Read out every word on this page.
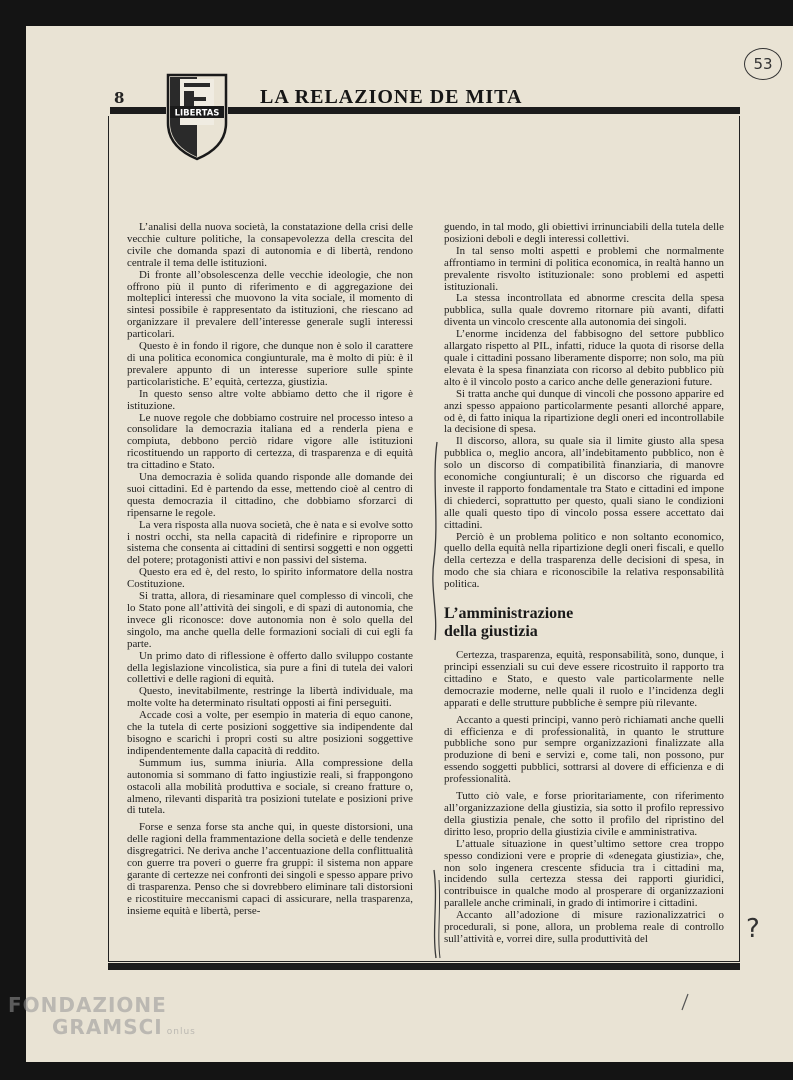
53
8
LIBERTAS
LA RELAZIONE DE MITA

L’analisi della nuova società, la constatazione della crisi delle vecchie culture politiche, la consapevolezza della crescita del civile che domanda spazi di autonomia e di libertà, rendono centrale il tema delle istituzioni.

Di fronte all’obsolescenza delle vecchie ideologie, che non offrono più il punto di riferimento e di aggregazione dei molteplici interessi che muovono la vita sociale, il momento di sintesi possibile è rappresentato da istituzioni, che riescano ad organizzare il prevalere dell’interesse generale sugli interessi particolari.

Questo è in fondo il rigore, che dunque non è solo il carattere di una politica economica congiunturale, ma è molto di più: è il prevalere appunto di un interesse superiore sulle spinte particolaristiche. E’ equità, certezza, giustizia.

In questo senso altre volte abbiamo detto che il rigore è istituzione.

Le nuove regole che dobbiamo costruire nel processo inteso a consolidare la democrazia italiana ed a renderla piena e compiuta, debbono perciò ridare vigore alle istituzioni ricostituendo un rapporto di certezza, di trasparenza e di equità tra cittadino e Stato.

Una democrazia è solida quando risponde alle domande dei suoi cittadini. Ed è partendo da esse, mettendo cioè al centro di questa democrazia il cittadino, che dobbiamo sforzarci di ripensarne le regole.

La vera risposta alla nuova società, che è nata e si evolve sotto i nostri occhi, sta nella capacità di ridefinire e riproporre un sistema che consenta ai cittadini di sentirsi soggetti e non oggetti del potere; protagonisti attivi e non passivi del sistema.

Questo era ed è, del resto, lo spirito informatore della nostra Costituzione.

Si tratta, allora, di riesaminare quel complesso di vincoli, che lo Stato pone all’attività dei singoli, e di spazi di autonomia, che invece gli riconosce: dove autonomia non è solo quella del singolo, ma anche quella delle formazioni sociali di cui egli fa parte.

Un primo dato di riflessione è offerto dallo sviluppo costante della legislazione vincolistica, sia pure a fini di tutela dei valori collettivi e delle ragioni di equità.

Questo, inevitabilmente, restringe la libertà individuale, ma molte volte ha determinato risultati opposti ai fini perseguiti.

Accade così a volte, per esempio in materia di equo canone, che la tutela di certe posizioni soggettive sia indipendente dal bisogno e scarichi i propri costi su altre posizioni soggettive indipendentemente dalla capacità di reddito.

Summum ius, summa iniuria. Alla compressione della autonomia si sommano di fatto ingiustizie reali, si frappongono ostacoli alla mobilità produttiva e sociale, si creano fratture o, almeno, rilevanti disparità tra posizioni tutelate e posizioni prive di tutela.

Forse e senza forse sta anche qui, in queste distorsioni, una delle ragioni della frammentazione della società e delle tendenze disgregatrici. Ne deriva anche l’accentuazione della conflittualità con guerre tra poveri o guerre fra gruppi: il sistema non appare garante di certezze nei confronti dei singoli e spesso appare privo di trasparenza. Penso che si dovrebbero eliminare tali distorsioni e ricostituire meccanismi capaci di assicurare, nella trasparenza, insieme equità e libertà, perse-

guendo, in tal modo, gli obiettivi irrinunciabili della tutela delle posizioni deboli e degli interessi collettivi.

In tal senso molti aspetti e problemi che normalmente affrontiamo in termini di politica economica, in realtà hanno un prevalente risvolto istituzionale: sono problemi ed aspetti istituzionali.

La stessa incontrollata ed abnorme crescita della spesa pubblica, sulla quale dovremo ritornare più avanti, difatti diventa un vincolo crescente alla autonomia dei singoli.

L’enorme incidenza del fabbisogno del settore pubblico allargato rispetto al PIL, infatti, riduce la quota di risorse della quale i cittadini possano liberamente disporre; non solo, ma più elevata è la spesa finanziata con ricorso al debito pubblico più alto è il vincolo posto a carico anche delle generazioni future.

Si tratta anche qui dunque di vincoli che possono apparire ed anzi spesso appaiono particolarmente pesanti allorché appare, od è, di fatto iniqua la ripartizione degli oneri ed incontrollabile la decisione di spesa.

Il discorso, allora, su quale sia il limite giusto alla spesa pubblica o, meglio ancora, all’indebitamento pubblico, non è solo un discorso di compatibilità finanziaria, di manovre economiche congiunturali; è un discorso che riguarda ed investe il rapporto fondamentale tra Stato e cittadini ed impone di chiederci, soprattutto per questo, quali siano le condizioni alle quali questo tipo di vincolo possa essere accettato dai cittadini.

Perciò è un problema politico e non soltanto economico, quello della equità nella ripartizione degli oneri fiscali, e quello della certezza e della trasparenza delle decisioni di spesa, in modo che sia chiara e riconoscibile la relativa responsabilità politica.

L’amministrazione
della giustizia

Certezza, trasparenza, equità, responsabilità, sono, dunque, i principi essenziali su cui deve essere ricostruito il rapporto tra cittadino e Stato, e questo vale particolarmente nelle democrazie moderne, nelle quali il ruolo e l’incidenza degli apparati e delle strutture pubbliche è sempre più rilevante.

Accanto a questi principi, vanno però richiamati anche quelli di efficienza e di professionalità, in quanto le strutture pubbliche sono pur sempre organizzazioni finalizzate alla produzione di beni e servizi e, come tali, non possono, pur essendo soggetti pubblici, sottrarsi al dovere di efficienza e di professionalità.

Tutto ciò vale, e forse prioritariamente, con riferimento all’organizzazione della giustizia, sia sotto il profilo repressivo della giustizia penale, che sotto il profilo del ripristino del diritto leso, proprio della giustizia civile e amministrativa.

L’attuale situazione in quest’ultimo settore crea troppo spesso condizioni vere e proprie di «denegata giustizia», che, non solo ingenera crescente sfiducia tra i cittadini ma, incidendo sulla certezza stessa dei rapporti giuridici, contribuisce in qualche modo al prosperare di organizzazioni parallele anche criminali, in grado di intimorire i cittadini.

Accanto all’adozione di misure razionalizzatrici o procedurali, si pone, allora, un problema reale di controllo sull’attività e, vorrei dire, sulla produttività del	?
FONDAZIONE
GRAMSCI onlus
